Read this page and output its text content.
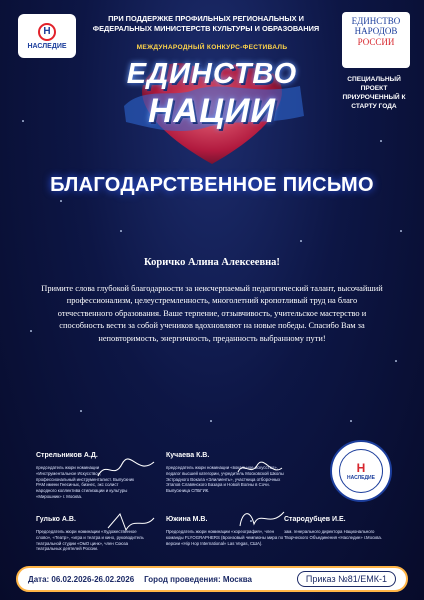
Н
НАСЛЕДИЕ
ПРИ ПОДДЕРЖКЕ ПРОФИЛЬНЫХ РЕГИОНАЛЬНЫХ И ФЕДЕРАЛЬНЫХ МИНИСТЕРСТВ КУЛЬТУРЫ И ОБРАЗОВАНИЯ
ЕДИНСТВО
НАРОДОВ
РОССИИ
СПЕЦИАЛЬНЫЙ ПРОЕКТ ПРИУРОЧЕННЫЙ К СТАРТУ ГОДА
МЕЖДУНАРОДНЫЙ КОНКУРС-ФЕСТИВАЛЬ
ЕДИНСТВО
НАЦИИ
БЛАГОДАРСТВЕННОЕ ПИСЬМО
Коричко Алина Алексеевна!
Примите слова глубокой благодарности за неисчерпаемый педагогический талант, высочайший профессионализм, целеустремленность, многолетний кропотливый труд на благо отечественного образования. Ваше терпение, отзывчивость, учительское мастерство и способность вести за собой учеников вдохновляют на новые победы. Спасибо Вам за неповторимость, энергичность, преданность выбранному пути!
Стрельников А.Д.
председатель жюри номинации «Инструментальное Искусство», профессиональный инструменталист. Выпускник РАМ имени Гнесиных, бизнес, экс солист народного коллектива стилизации и культуры «Мирошник» г. Москва.
Кучаева К.В.
председатель жюри номинации «вокальное искусство», педагог высшей категории, учредитель Московской Школы Эстрадного Вокала «Элилиенть», участница отборочных Этапов Славянского Базара и Новой Волны в Сочи. Выпускница СПБГИК.
Гулько А.В.
Председатель жюри номинации «Художественное слово», «Театр», «игра и театра и кино, руководитель театральной студии «ОмО цинк», член Союза театральных деятелей России.
Южина М.В.
Председатель жюри номинации «хореография», член команды FLYOGRAPHERS (Бронзовый чемпионы мира по версии «Hip Hop International» Las Vegas, США).
Стародубцев И.Е.
зам. генерального директора Национального Творческого Объединения «Наследие» г.Москва.
Н
НАСЛЕДИЕ
Дата: 06.02.2026-26.02.2026 Город проведения: Москва	Приказ №81/ЕМК-1
